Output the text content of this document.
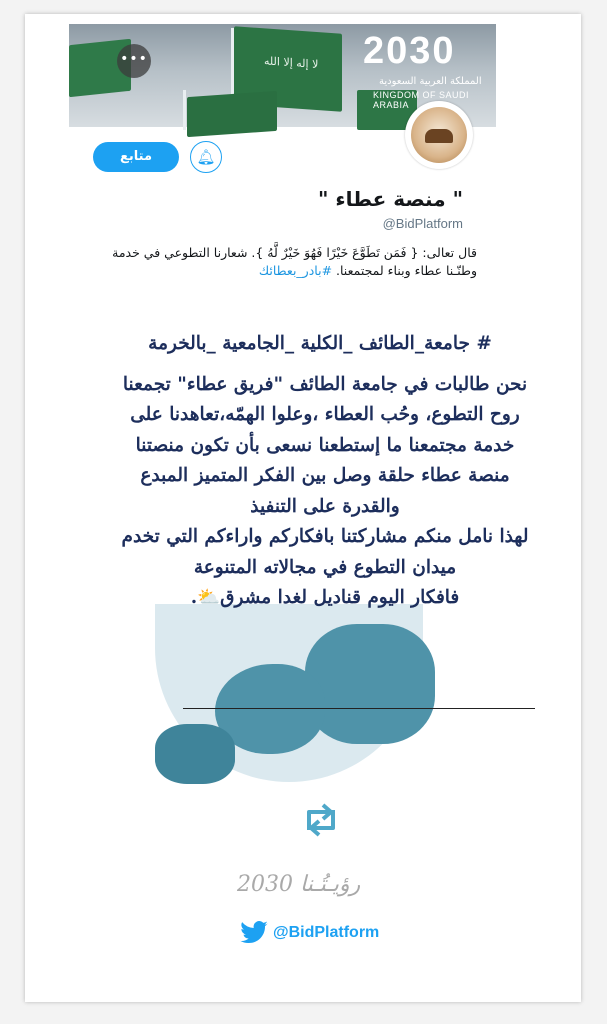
لا إله إلا الله
•••	2030
المملكة العربية السعودية
KINGDOM OF SAUDI ARABIA
›
متابع	🔔︎
" منصة عطاء "
@BidPlatform
قال تعالى: { فَمَن تَطَوَّعَ خَيْرًا فَهُوَ خَيْرٌ لَّهُ }. شعارنا التطوعي في خدمة وطنّـنا عطاء وبناء لمجتمعنا. #بادر_بعطائك
# جامعة_الطائف _الكلية _الجامعية _بالخرمة
نحن طالبات في جامعة الطائف "فريق عطاء" تجمعنا
روح التطوع، وحُب العطاء ،وعلوا الهمّه،تعاهدنا على
خدمة مجتمعنا ما إستطعنا نسعى بأن تكون منصتنا
منصة عطاء حلقة وصل بين الفكر المتميز المبدع
والقدرة على التنفيذ
لهذا نامل منكم مشاركتنا بافكاركم واراءكم التي تخدم
ميدان التطوع في مجالاته المتنوعة
فافكار اليوم قناديل لغدا مشرق⛅.
2030 رؤيـتُـنا
@BidPlatform
